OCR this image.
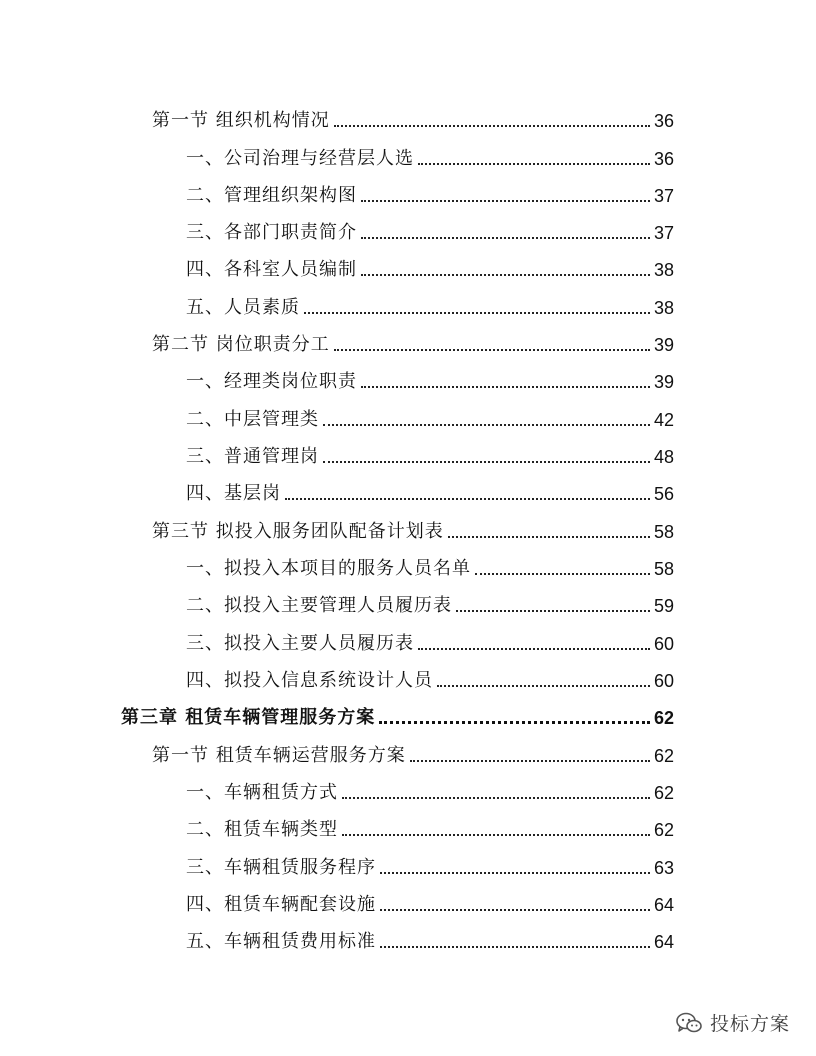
第一节 组织机构情况	36
一、公司治理与经营层人选	36
二、管理组织架构图	37
三、各部门职责简介	37
四、各科室人员编制	38
五、人员素质	38
第二节 岗位职责分工	39
一、经理类岗位职责	39
二、中层管理类	42
三、普通管理岗	48
四、基层岗	56
第三节 拟投入服务团队配备计划表	58
一、拟投入本项目的服务人员名单	58
二、拟投入主要管理人员履历表	59
三、拟投入主要人员履历表	60
四、拟投入信息系统设计人员	60
第三章 租赁车辆管理服务方案	62
第一节 租赁车辆运营服务方案	62
一、车辆租赁方式	62
二、租赁车辆类型	62
三、车辆租赁服务程序	63
四、租赁车辆配套设施	64
五、车辆租赁费用标准	64
投标方案
